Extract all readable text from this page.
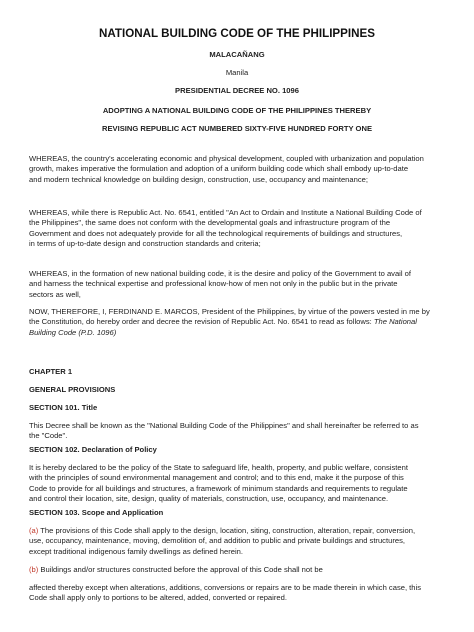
NATIONAL BUILDING CODE OF THE PHILIPPINES
MALACAÑANG
Manila
PRESIDENTIAL DECREE NO. 1096
ADOPTING A NATIONAL BUILDING CODE OF THE PHILIPPINES THEREBY
REVISING REPUBLIC ACT NUMBERED SIXTY-FIVE HUNDRED FORTY ONE
WHEREAS, the country's accelerating economic and physical development, coupled with urbanization and population
growth, makes imperative the formulation and adoption of a uniform building code which shall embody up-to-date
and modern technical knowledge on building design, construction, use, occupancy and maintenance;
WHEREAS, while there is Republic Act. No. 6541, entitled "An Act to Ordain and Institute a National Building Code of
the Philippines", the same does not conform with the developmental goals and infrastructure program of the
Government and does not adequately provide for all the technological requirements of buildings and structures,
in terms of up-to-date design and construction standards and criteria;
WHEREAS, in the formation of new national building code, it is the desire and policy of the Government to avail of
and harness the technical expertise and professional know-how of men not only in the public but in the private
sectors as well,
NOW, THEREFORE, I, FERDINAND E. MARCOS, President of the Philippines, by virtue of the powers vested in me by
the Constitution, do hereby order and decree the revision of Republic Act. No. 6541 to read as follows: The National
Building Code (P.D. 1096)
CHAPTER 1
GENERAL PROVISIONS
SECTION 101. Title
This Decree shall be known as the "National Building Code of the Philippines" and shall hereinafter be referred to as
the "Code".
SECTION 102. Declaration of Policy
It is hereby declared to be the policy of the State to safeguard life, health, property, and public welfare, consistent
with the principles of sound environmental management and control; and to this end, make it the purpose of this
Code to provide for all buildings and structures, a framework of minimum standards and requirements to regulate
and control their location, site, design, quality of materials, construction, use, occupancy, and maintenance.
SECTION 103. Scope and Application
(a) The provisions of this Code shall apply to the design, location, siting, construction, alteration, repair, conversion,
use, occupancy, maintenance, moving, demolition of, and addition to public and private buildings and structures,
except traditional indigenous family dwellings as defined herein.
(b) Buildings and/or structures constructed before the approval of this Code shall not be
affected thereby except when alterations, additions, conversions or repairs are to be made therein in which case, this
Code shall apply only to portions to be altered, added, converted or repaired.
